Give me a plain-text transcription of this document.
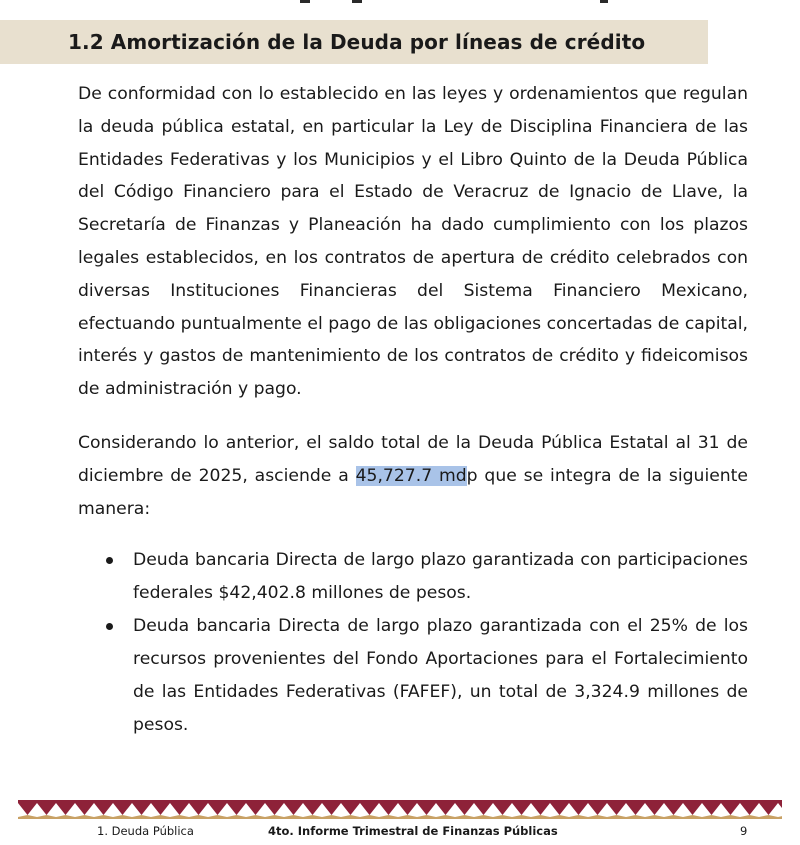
1.2 Amortización de la Deuda por líneas de crédito

De conformidad con lo establecido en las leyes y ordenamientos que regulan la deuda pública estatal, en particular la Ley de Disciplina Financiera de las Entidades Federativas y los Municipios y el Libro Quinto de la Deuda Pública del Código Financiero para el Estado de Veracruz de Ignacio de Llave, la Secretaría de Finanzas y Planeación ha dado cumplimiento con los plazos legales establecidos, en los contratos de apertura de crédito celebrados con diversas Instituciones Financieras del Sistema Financiero Mexicano, efectuando puntualmente el pago de las obligaciones concertadas de capital, interés y gastos de mantenimiento de los contratos de crédito y fideicomisos de administración y pago.

Considerando lo anterior, el saldo total de la Deuda Pública Estatal al 31 de diciembre de 2025, asciende a 45,727.7 mdp que se integra de la siguiente manera:

Deuda bancaria Directa de largo plazo garantizada con participaciones federales $42,402.8 millones de pesos.
Deuda bancaria Directa de largo plazo garantizada con el 25% de los recursos provenientes del Fondo Aportaciones para el Fortalecimiento de las Entidades Federativas (FAFEF), un total de 3,324.9 millones de pesos.
1. Deuda Pública	4to. Informe Trimestral de Finanzas Públicas	9
